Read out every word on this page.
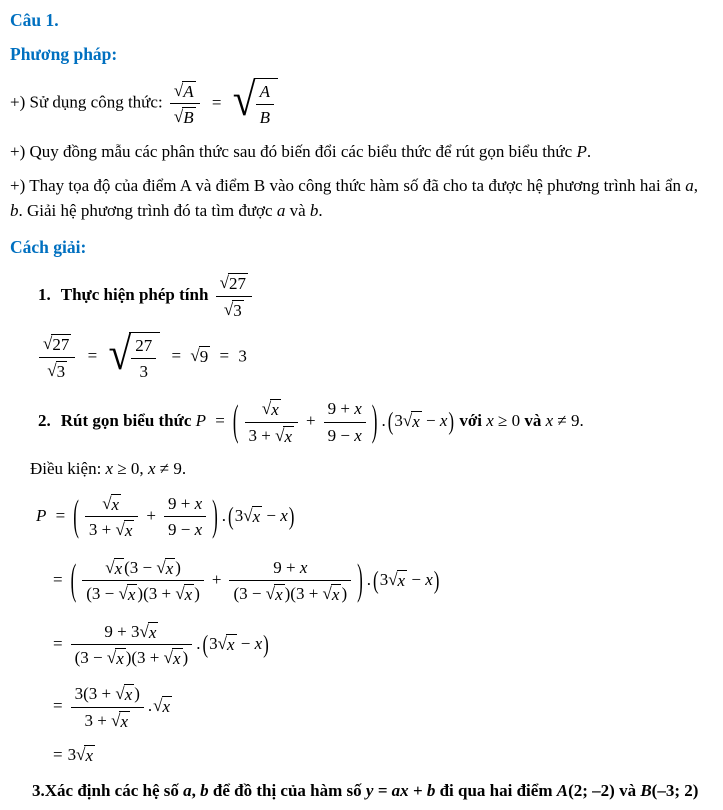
Câu 1.
Phương pháp:
+) Sử dụng công thức: $\frac{√ A}{√ B}$ = √ $\frac{A}{B}$

+) Quy đồng mẫu các phân thức sau đó biến đổi các biểu thức để rút gọn biểu thức P.

+) Thay tọa độ của điểm A và điểm B vào công thức hàm số đã cho ta được hệ phương trình hai ẩn a, b. Giải hệ phương trình đó ta tìm được a và b.

Cách giải:
1. Thực hiện phép tính $\frac{√ 27}{√ 3}$
$\frac{√ 27}{√ 3}$ = √ $\frac{27}{3}$ = √ 9 = 3
2. Rút gọn biểu thức P = ( $\frac{√ x}{3 + √ x} + \frac{9 + x}{9 - x}$ ) . (3 √ x − x) với x ≥ 0 và x ≠ 9.

Điều kiện: x ≥ 0, x ≠ 9.

P = ( $\frac{√ x}{3 + √ x} + \frac{9 + x}{9 - x}$ ) . (3 √ x − x)
= ( $\frac{√ x (3 - √ x )}{(3 - √ x )(3 + √ x )} + \frac{9 + x}{(3 - √ x )(3 + √ x )}$ ) . (3 √ x − x)
= $\frac{9 + 3 √ x}{(3 - √ x )(3 + √ x )}$ . (3 √ x − x)
= $\frac{3(3 + √ x )}{3 + √ x}$ . √ x
= 3 √ x

3.Xác định các hệ số a, b để đồ thị của hàm số y = ax + b đi qua hai điểm A(2; –2) và B(–3; 2)
